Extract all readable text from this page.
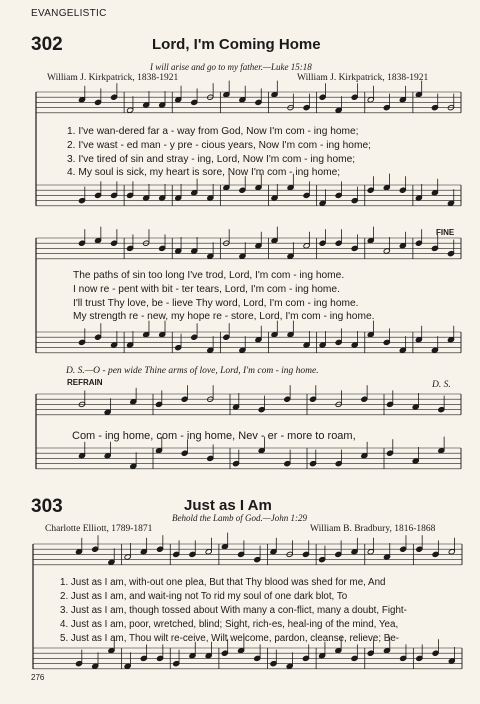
EVANGELISTIC
302	Lord, I'm Coming Home
I will arise and go to my father.—Luke 15:18
William J. Kirkpatrick, 1838-1921	William J. Kirkpatrick, 1838-1921
1. I've wan-dered far a - way from God, Now I'm com - ing home;
2. I've wast - ed man - y pre - cious years, Now I'm com - ing home;
3. I've tired of sin and stray - ing, Lord, Now I'm com - ing home;
4. My soul is sick, my heart is sore, Now I'm com - ing home;
FINE
The paths of sin too long I've trod, Lord, I'm com - ing home.
I now re - pent with bit - ter tears, Lord, I'm com - ing home.
I'll trust Thy love, be - lieve Thy word, Lord, I'm com - ing home.
My strength re - new, my hope re - store, Lord, I'm com - ing home.
D. S.—O - pen wide Thine arms of love, Lord, I'm com - ing home.
REFRAIN	D. S.
Com - ing home, com - ing home, Nev - er - more to roam,
303	Just as I Am
Behold the Lamb of God.—John 1:29
Charlotte Elliott, 1789-1871	William B. Bradbury, 1816-1868
1. Just as I am, with-out one plea, But that Thy blood was shed for me, And
2. Just as I am, and wait-ing not To rid my soul of one dark blot, To
3. Just as I am, though tossed about With many a con-flict, many a doubt, Fight-
4. Just as I am, poor, wretched, blind; Sight, rich-es, heal-ing of the mind, Yea,
5. Just as I am, Thou wilt re-ceive, Wilt welcome, pardon, cleanse, relieve; Be-
276
